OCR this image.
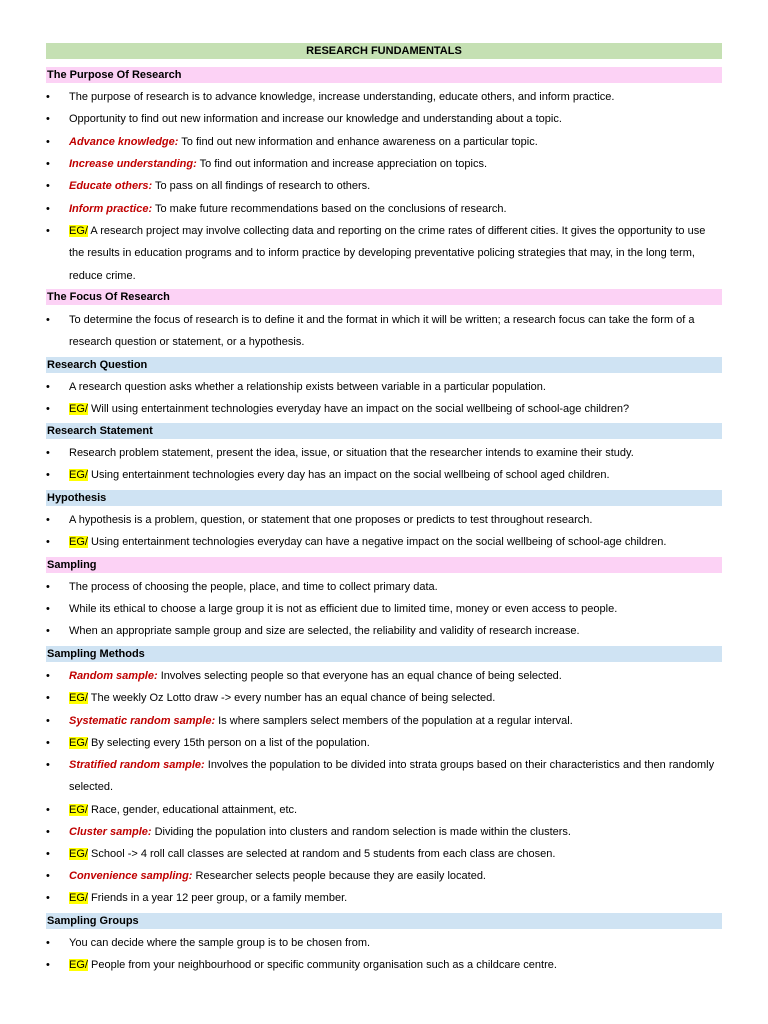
RESEARCH FUNDAMENTALS
The Purpose Of Research
•	The purpose of research is to advance knowledge, increase understanding, educate others, and inform practice.
•	Opportunity to find out new information and increase our knowledge and understanding about a topic.
•	Advance knowledge: To find out new information and enhance awareness on a particular topic.
•	Increase understanding: To find out information and increase appreciation on topics.
•	Educate others: To pass on all findings of research to others.
•	Inform practice: To make future recommendations based on the conclusions of research.
•	EG/ A research project may involve collecting data and reporting on the crime rates of different cities. It gives the opportunity to use the results in education programs and to inform practice by developing preventative policing strategies that may, in the long term, reduce crime.
The Focus Of Research
•	To determine the focus of research is to define it and the format in which it will be written; a research focus can take the form of a research question or statement, or a hypothesis.
Research Question
•	A research question asks whether a relationship exists between variable in a particular population.
•	EG/ Will using entertainment technologies everyday have an impact on the social wellbeing of school-age children?
Research Statement
•	Research problem statement, present the idea, issue, or situation that the researcher intends to examine their study.
•	EG/ Using entertainment technologies every day has an impact on the social wellbeing of school aged children.
Hypothesis
•	A hypothesis is a problem, question, or statement that one proposes or predicts to test throughout research.
•	EG/ Using entertainment technologies everyday can have a negative impact on the social wellbeing of school-age children.
Sampling
•	The process of choosing the people, place, and time to collect primary data.
•	While its ethical to choose a large group it is not as efficient due to limited time, money or even access to people.
•	When an appropriate sample group and size are selected, the reliability and validity of research increase.
Sampling Methods
•	Random sample: Involves selecting people so that everyone has an equal chance of being selected.
•	EG/ The weekly Oz Lotto draw -> every number has an equal chance of being selected.
•	Systematic random sample: Is where samplers select members of the population at a regular interval.
•	EG/ By selecting every 15th person on a list of the population.
•	Stratified random sample: Involves the population to be divided into strata groups based on their characteristics and then randomly selected.
•	EG/ Race, gender, educational attainment, etc.
•	Cluster sample: Dividing the population into clusters and random selection is made within the clusters.
•	EG/ School -> 4 roll call classes are selected at random and 5 students from each class are chosen.
•	Convenience sampling: Researcher selects people because they are easily located.
•	EG/ Friends in a year 12 peer group, or a family member.
Sampling Groups
•	You can decide where the sample group is to be chosen from.
•	EG/ People from your neighbourhood or specific community organisation such as a childcare centre.
